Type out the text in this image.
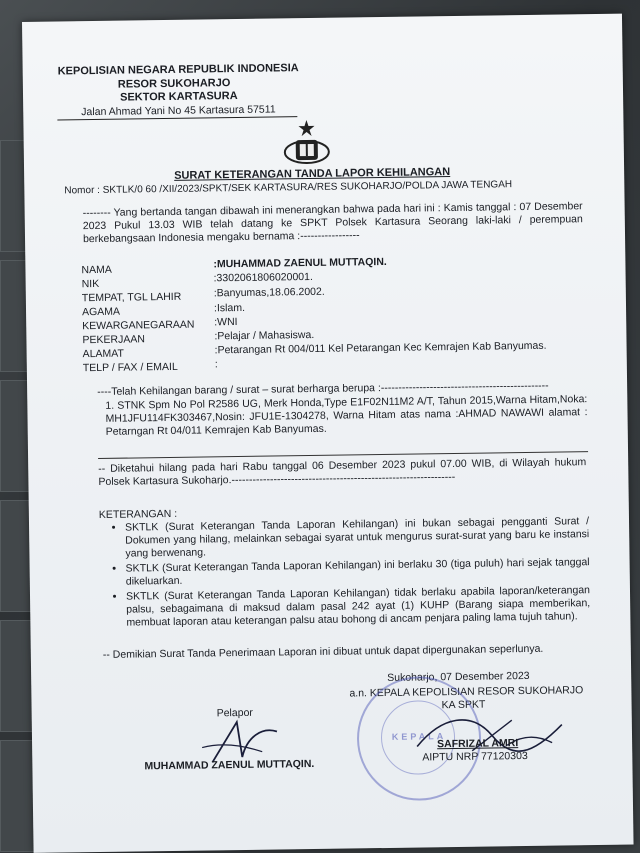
KEPOLISIAN NEGARA REPUBLIK INDONESIA
RESOR SUKOHARJO
SEKTOR KARTASURA
Jalan Ahmad Yani No 45 Kartasura 57511
SURAT KETERANGAN TANDA LAPOR KEHILANGAN
Nomor : SKTLK/0 60 /XII/2023/SPKT/SEK KARTASURA/RES SUKOHARJO/POLDA JAWA TENGAH
-------- Yang bertanda tangan dibawah ini menerangkan bahwa pada hari ini : Kamis tanggal : 07 Desember 2023 Pukul 13.03 WIB telah datang ke SPKT Polsek Kartasura Seorang laki-laki / perempuan berkebangsaan Indonesia mengaku bernama :-----------------
NAMA	:MUHAMMAD ZAENUL MUTTAQIN.
NIK	:3302061806020001.
TEMPAT, TGL LAHIR	:Banyumas,18.06.2002.
AGAMA	:Islam.
KEWARGANEGARAAN :WNI
PEKERJAAN	:Pelajar / Mahasiswa.
ALAMAT	:Petarangan Rt 004/011 Kel Petarangan Kec Kemrajen Kab Banyumas.
TELP / FAX / EMAIL	:
----Telah Kehilangan barang / surat – surat berharga berupa :------------------------------------------------
1. STNK Spm No Pol R2586 UG, Merk Honda,Type E1F02N11M2 A/T, Tahun 2015,Warna Hitam,Noka: MH1JFU114FK303467,Nosin: JFU1E-1304278, Warna Hitam atas nama :AHMAD NAWAWI alamat : Petarngan Rt 04/011 Kemrajen Kab Banyumas.
-- Diketahui hilang pada hari Rabu tanggal 06 Desember 2023 pukul 07.00 WIB, di Wilayah hukum Polsek Kartasura Sukoharjo.----------------------------------------------------------------
KETERANGAN :
• SKTLK (Surat Keterangan Tanda Laporan Kehilangan) ini bukan sebagai pengganti Surat / Dokumen yang hilang, melainkan sebagai syarat untuk mengurus surat-surat yang baru ke instansi yang berwenang.
• SKTLK (Surat Keterangan Tanda Laporan Kehilangan) ini berlaku 30 (tiga puluh) hari sejak tanggal dikeluarkan.
• SKTLK (Surat Keterangan Tanda Laporan Kehilangan) tidak berlaku apabila laporan/keterangan palsu, sebagaimana di maksud dalam pasal 242 ayat (1) KUHP (Barang siapa memberikan, membuat laporan atau keterangan palsu atau bohong di ancam penjara paling lama tujuh tahun).
-- Demikian Surat Tanda Penerimaan Laporan ini dibuat untuk dapat dipergunakan seperlunya.
Sukoharjo, 07 Desember 2023
a.n. KEPALA KEPOLISIAN RESOR SUKOHARJO
KA SPKT
KEPALA
SAFRIZAL AMRI
AIPTU NRP 77120303
Pelapor
MUHAMMAD ZAENUL MUTTAQIN.
